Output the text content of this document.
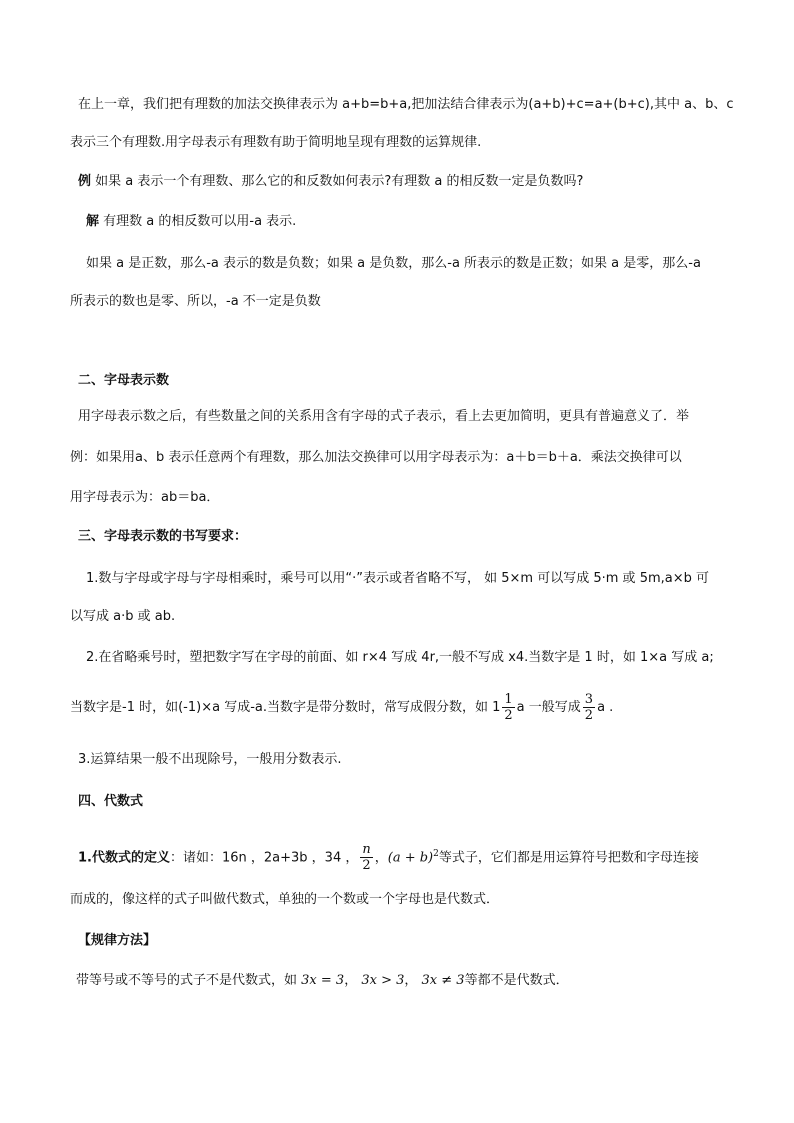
在上一章，我们把有理数的加法交换律表示为 a+b=b+a,把加法结合律表示为(a+b)+c=a+(b+c),其中 a、b、c
表示三个有理数.用字母表示有理数有助于简明地呈现有理数的运算规律.
例 如果 a 表示一个有理数、那么它的和反数如何表示?有理数 a 的相反数一定是负数吗?
解 有理数 a 的相反数可以用-a 表示.
如果 a 是正数，那么-a 表示的数是负数；如果 a 是负数，那么-a 所表示的数是正数；如果 a 是零，那么-a
所表示的数也是零、所以，-a 不一定是负数
二、字母表示数
用字母表示数之后，有些数量之间的关系用含有字母的式子表示，看上去更加简明，更具有普遍意义了．举
例：如果用a、b 表示任意两个有理数，那么加法交换律可以用字母表示为：a＋b＝b＋a．乘法交换律可以
用字母表示为：ab＝ba．
三、字母表示数的书写要求：
1.数与字母或字母与字母相乘时，乘号可以用“·”表示或者省略不写， 如 5×m 可以写成 5·m 或 5m,a×b 可
以写成 a·b 或 ab.
2.在省略乘号时，塑把数字写在字母的前面、如 r×4 写成 4r,一般不写成 x4.当数字是 1 时，如 1×a 写成 a;
当数字是-1 时，如(-1)×a 写成-a.当数字是带分数时，常写成假分数，如 $1 \frac{1}{2}$ a 一般写成 $\frac{3}{2}$ a .
3.运算结果一般不出现除号，一般用分数表示.
四、代数式
1.代数式的定义：诸如：16n ，2a+3b ，34 ， $\frac{n}{2}$ ，$(a + b)^2$等式子，它们都是用运算符号把数和字母连接
而成的，像这样的式子叫做代数式，单独的一个数或一个字母也是代数式．
【规律方法】
带等号或不等号的式子不是代数式，如 3x = 3， 3x > 3， 3x ≠ 3等都不是代数式．
